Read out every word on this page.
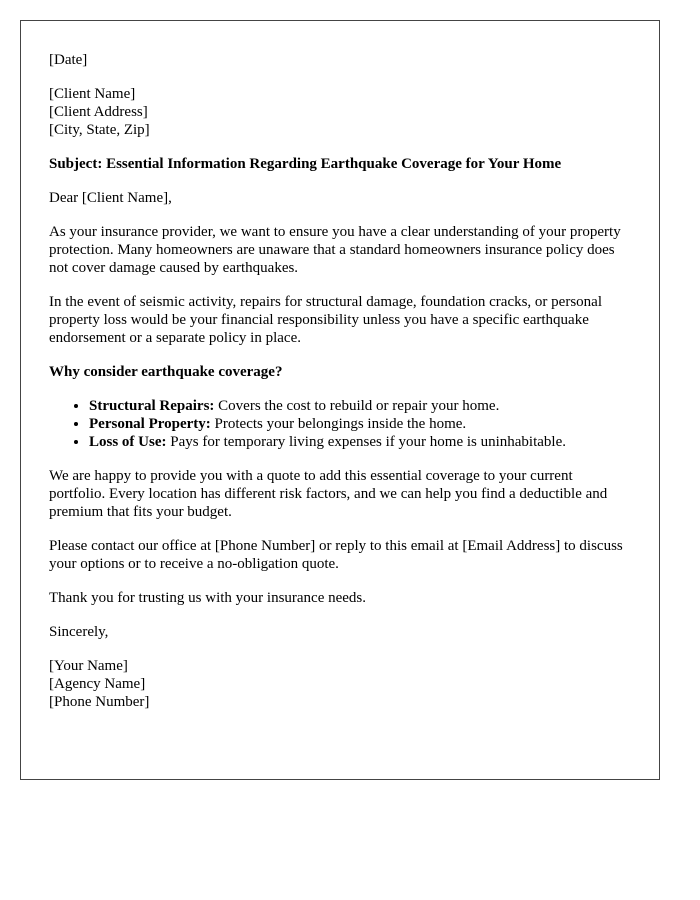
[Date]

[Client Name]

[Client Address]

[City, State, Zip]

Subject: Essential Information Regarding Earthquake Coverage for Your Home

Dear [Client Name],

As your insurance provider, we want to ensure you have a clear understanding of your property protection. Many homeowners are unaware that a standard homeowners insurance policy does not cover damage caused by earthquakes.

In the event of seismic activity, repairs for structural damage, foundation cracks, or personal property loss would be your financial responsibility unless you have a specific earthquake endorsement or a separate policy in place.

Why consider earthquake coverage?

• Structural Repairs: Covers the cost to rebuild or repair your home.
• Personal Property: Protects your belongings inside the home.
• Loss of Use: Pays for temporary living expenses if your home is uninhabitable.

We are happy to provide you with a quote to add this essential coverage to your current portfolio. Every location has different risk factors, and we can help you find a deductible and premium that fits your budget.

Please contact our office at [Phone Number] or reply to this email at [Email Address] to discuss your options or to receive a no-obligation quote.

Thank you for trusting us with your insurance needs.

Sincerely,

[Your Name]

[Agency Name]

[Phone Number]
